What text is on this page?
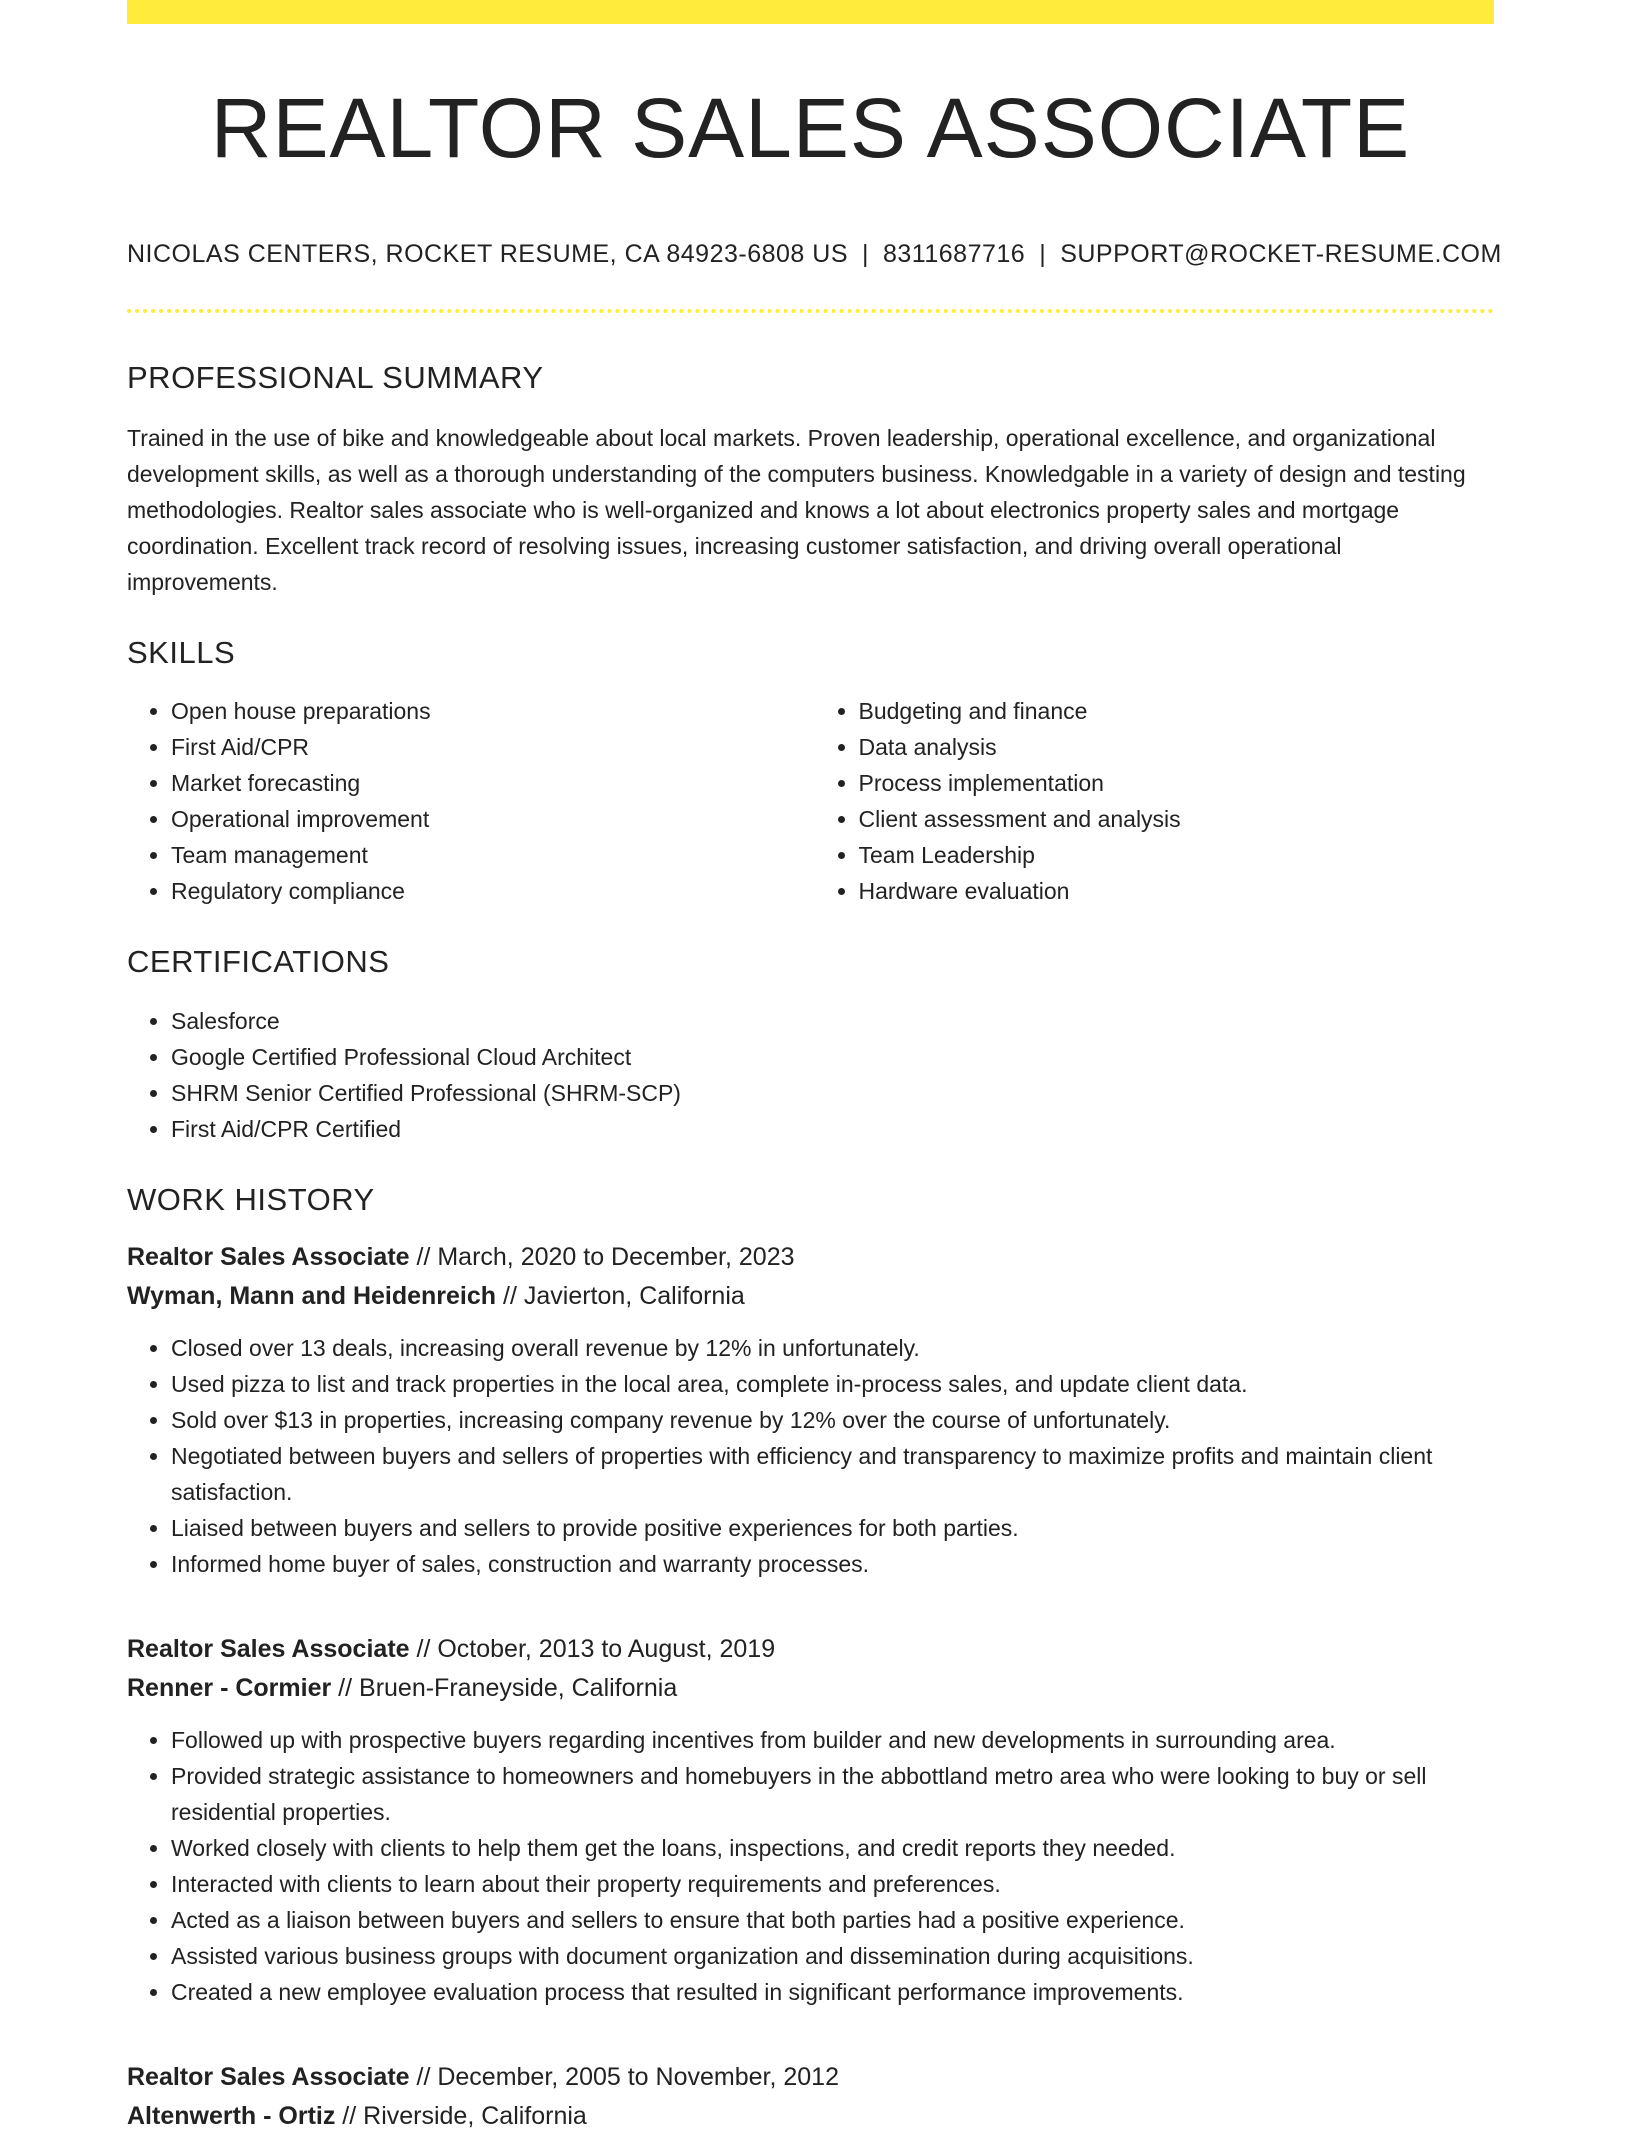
REALTOR SALES ASSOCIATE
NICOLAS CENTERS, ROCKET RESUME, CA 84923-6808 US | 8311687716 | SUPPORT@ROCKET-RESUME.COM
PROFESSIONAL SUMMARY

Trained in the use of bike and knowledgeable about local markets. Proven leadership, operational excellence, and organizational development skills, as well as a thorough understanding of the computers business. Knowledgable in a variety of design and testing methodologies. Realtor sales associate who is well-organized and knows a lot about electronics property sales and mortgage coordination. Excellent track record of resolving issues, increasing customer satisfaction, and driving overall operational improvements.

SKILLS
• Open house preparations
• First Aid/CPR
• Market forecasting
• Operational improvement
• Team management
• Regulatory compliance
• Budgeting and finance
• Data analysis
• Process implementation
• Client assessment and analysis
• Team Leadership
• Hardware evaluation
CERTIFICATIONS
• Salesforce
• Google Certified Professional Cloud Architect
• SHRM Senior Certified Professional (SHRM-SCP)
• First Aid/CPR Certified
WORK HISTORY
Realtor Sales Associate // March, 2020 to December, 2023
Wyman, Mann and Heidenreich // Javierton, California
• Closed over 13 deals, increasing overall revenue by 12% in unfortunately.
• Used pizza to list and track properties in the local area, complete in-process sales, and update client data.
• Sold over $13 in properties, increasing company revenue by 12% over the course of unfortunately.
• Negotiated between buyers and sellers of properties with efficiency and transparency to maximize profits and maintain client satisfaction.
• Liaised between buyers and sellers to provide positive experiences for both parties.
• Informed home buyer of sales, construction and warranty processes.
Realtor Sales Associate // October, 2013 to August, 2019
Renner - Cormier // Bruen-Franeyside, California
• Followed up with prospective buyers regarding incentives from builder and new developments in surrounding area.
• Provided strategic assistance to homeowners and homebuyers in the abbottland metro area who were looking to buy or sell residential properties.
• Worked closely with clients to help them get the loans, inspections, and credit reports they needed.
• Interacted with clients to learn about their property requirements and preferences.
• Acted as a liaison between buyers and sellers to ensure that both parties had a positive experience.
• Assisted various business groups with document organization and dissemination during acquisitions.
• Created a new employee evaluation process that resulted in significant performance improvements.
Realtor Sales Associate // December, 2005 to November, 2012
Altenwerth - Ortiz // Riverside, California
